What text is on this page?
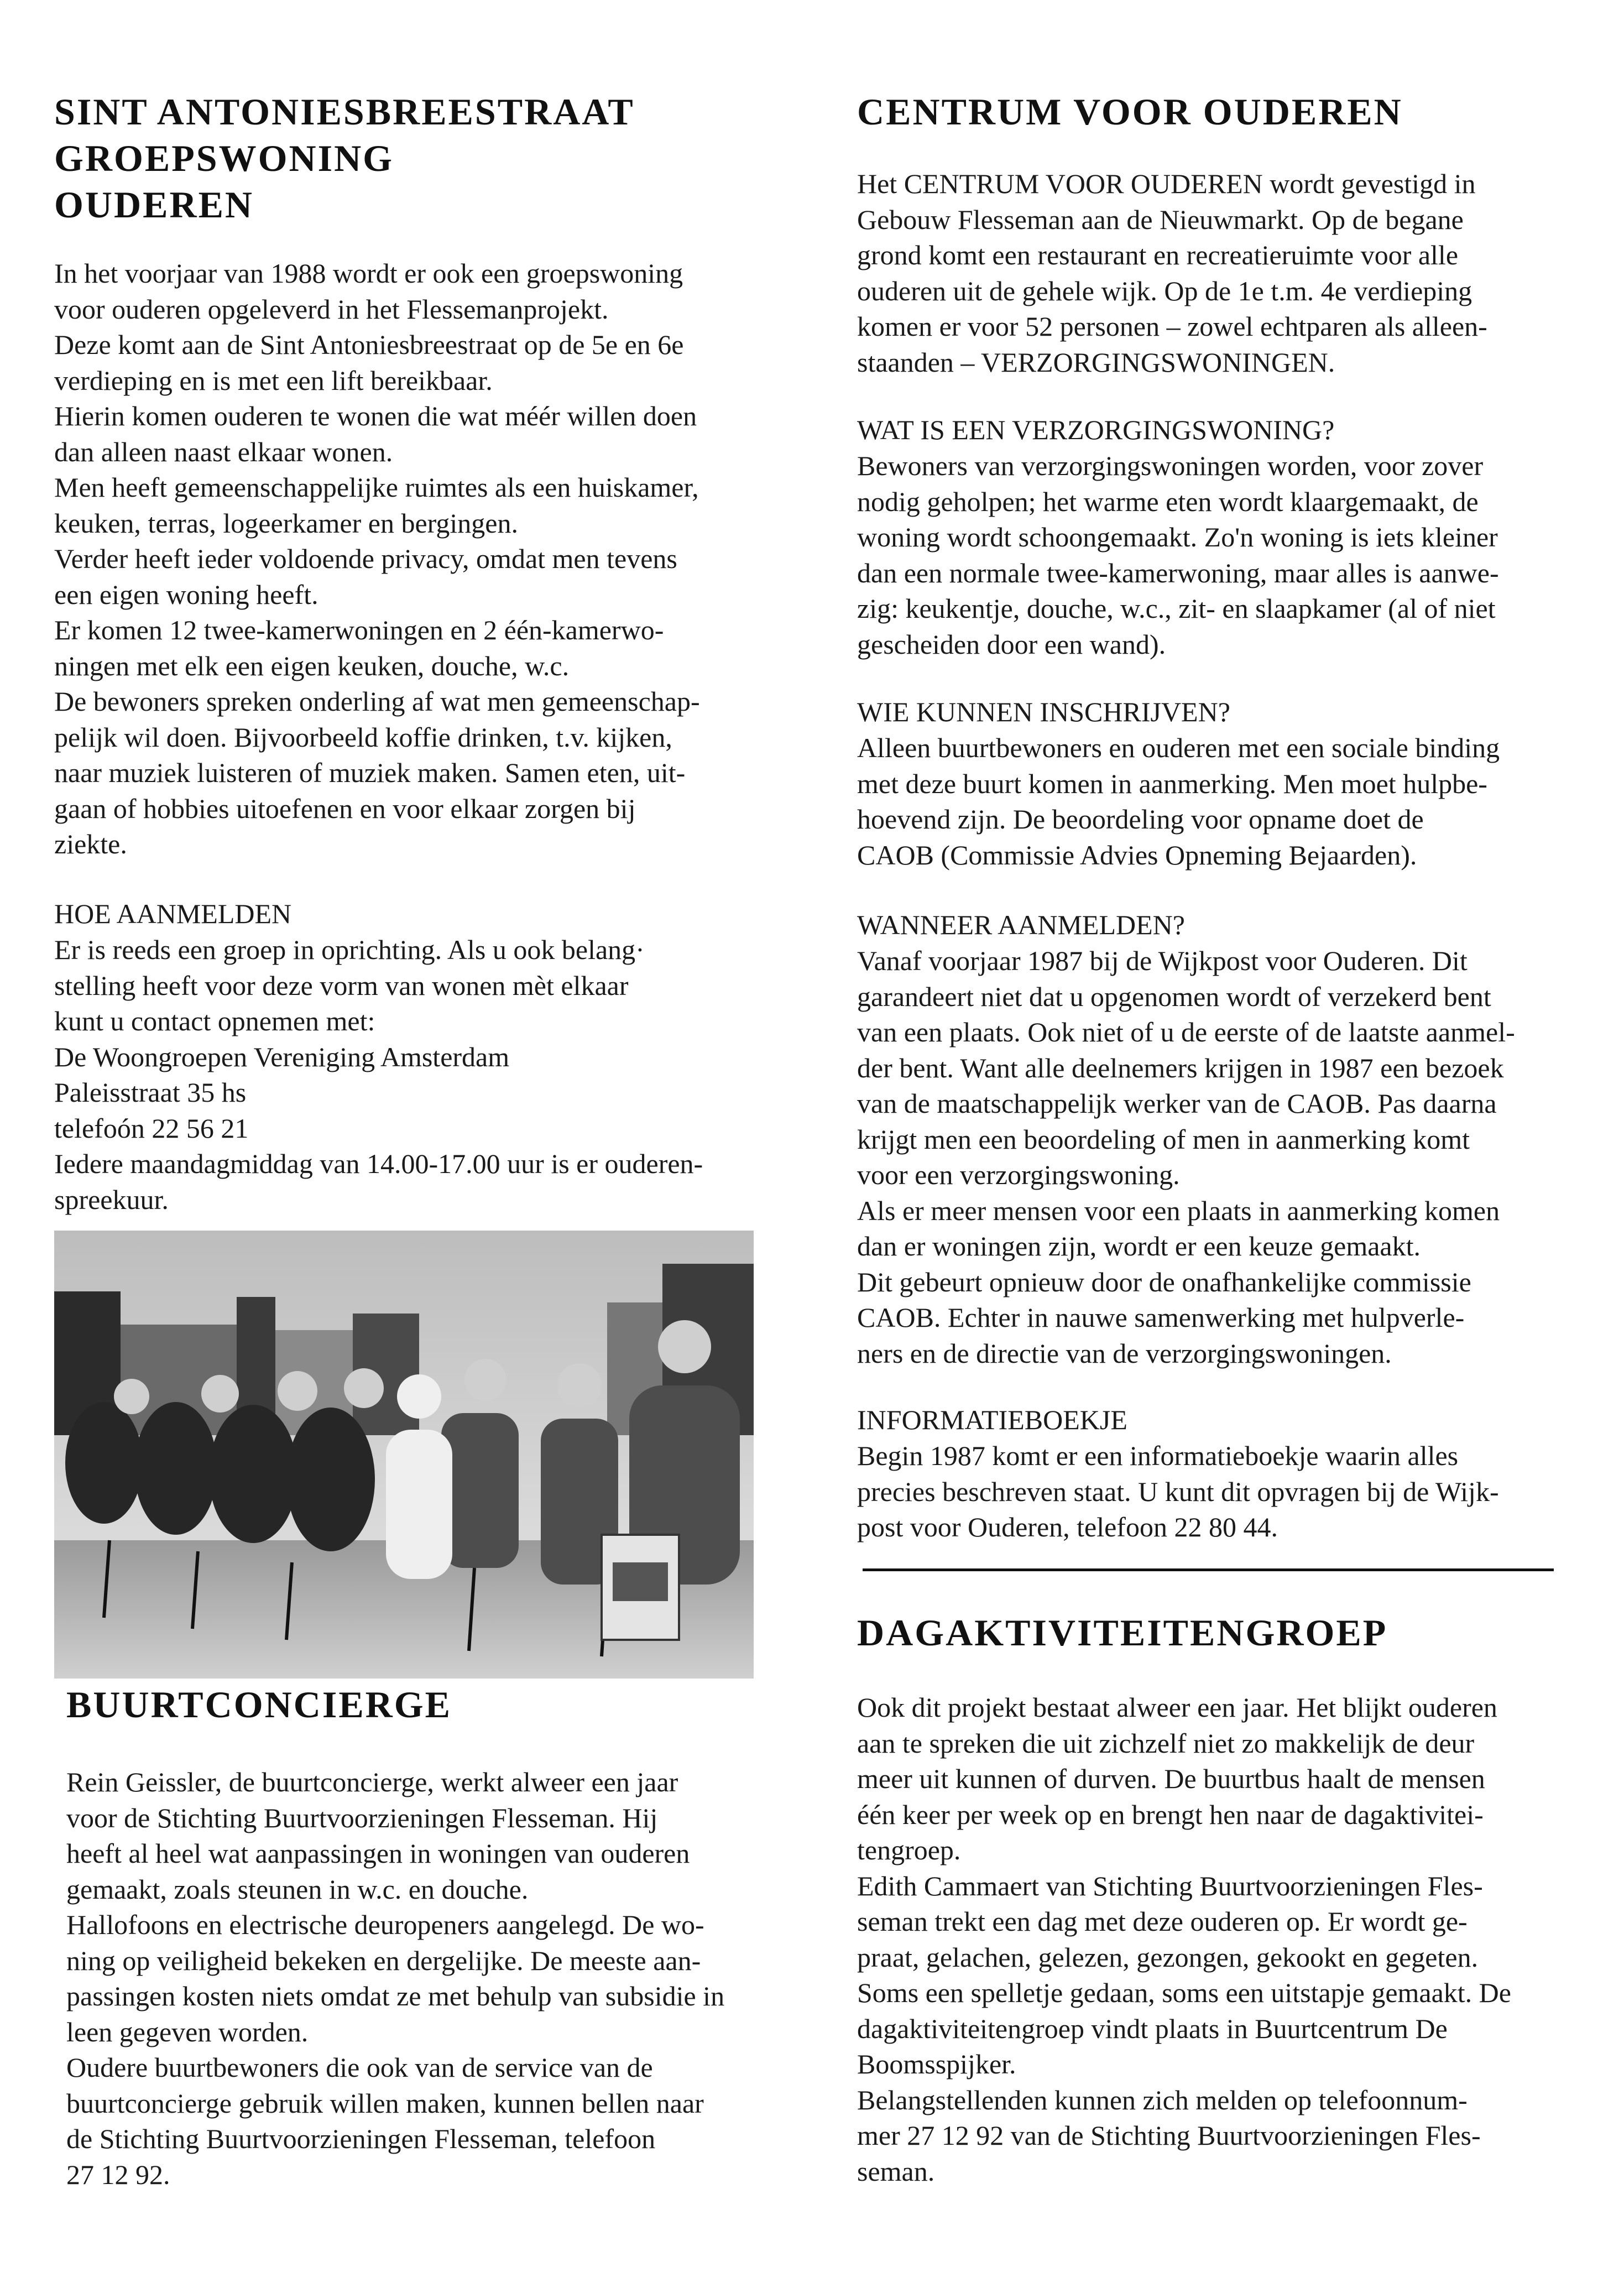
SINT ANTONIESBREESTRAAT
GROEPSWONING
OUDEREN

In het voorjaar van 1988 wordt er ook een groepswoning
voor ouderen opgeleverd in het Flessemanprojekt.
Deze komt aan de Sint Antoniesbreestraat op de 5e en 6e
verdieping en is met een lift bereikbaar.
Hierin komen ouderen te wonen die wat méér willen doen
dan alleen naast elkaar wonen.
Men heeft gemeenschappelijke ruimtes als een huiskamer,
keuken, terras, logeerkamer en bergingen.
Verder heeft ieder voldoende privacy, omdat men tevens
een eigen woning heeft.
Er komen 12 twee-kamerwoningen en 2 één-kamerwo-
ningen met elk een eigen keuken, douche, w.c.
De bewoners spreken onderling af wat men gemeenschap-
pelijk wil doen. Bijvoorbeeld koffie drinken, t.v. kijken,
naar muziek luisteren of muziek maken. Samen eten, uit-
gaan of hobbies uitoefenen en voor elkaar zorgen bij
ziekte.

HOE AANMELDEN

Er is reeds een groep in oprichting. Als u ook belang·
stelling heeft voor deze vorm van wonen mèt elkaar
kunt u contact opnemen met:
De Woongroepen Vereniging Amsterdam
Paleisstraat 35 hs
telefoón 22 56 21
Iedere maandagmiddag van 14.00-17.00 uur is er ouderen-
spreekuur.

BUURTCONCIERGE

Rein Geissler, de buurtconcierge, werkt alweer een jaar
voor de Stichting Buurtvoorzieningen Flesseman. Hij
heeft al heel wat aanpassingen in woningen van ouderen
gemaakt, zoals steunen in w.c. en douche.
Hallofoons en electrische deuropeners aangelegd. De wo-
ning op veiligheid bekeken en dergelijke. De meeste aan-
passingen kosten niets omdat ze met behulp van subsidie in
leen gegeven worden.
Oudere buurtbewoners die ook van de service van de
buurtconcierge gebruik willen maken, kunnen bellen naar
de Stichting Buurtvoorzieningen Flesseman, telefoon
27 12 92.

CENTRUM VOOR OUDEREN

Het CENTRUM VOOR OUDEREN wordt gevestigd in
Gebouw Flesseman aan de Nieuwmarkt. Op de begane
grond komt een restaurant en recreatieruimte voor alle
ouderen uit de gehele wijk. Op de 1e t.m. 4e verdieping
komen er voor 52 personen – zowel echtparen als alleen-
staanden – VERZORGINGSWONINGEN.

WAT IS EEN VERZORGINGSWONING?

Bewoners van verzorgingswoningen worden, voor zover
nodig geholpen; het warme eten wordt klaargemaakt, de
woning wordt schoongemaakt. Zo'n woning is iets kleiner
dan een normale twee-kamerwoning, maar alles is aanwe-
zig: keukentje, douche, w.c., zit- en slaapkamer (al of niet
gescheiden door een wand).

WIE KUNNEN INSCHRIJVEN?

Alleen buurtbewoners en ouderen met een sociale binding
met deze buurt komen in aanmerking. Men moet hulpbe-
hoevend zijn. De beoordeling voor opname doet de
CAOB (Commissie Advies Opneming Bejaarden).

WANNEER AANMELDEN?

Vanaf voorjaar 1987 bij de Wijkpost voor Ouderen. Dit
garandeert niet dat u opgenomen wordt of verzekerd bent
van een plaats. Ook niet of u de eerste of de laatste aanmel-
der bent. Want alle deelnemers krijgen in 1987 een bezoek
van de maatschappelijk werker van de CAOB. Pas daarna
krijgt men een beoordeling of men in aanmerking komt
voor een verzorgingswoning.
Als er meer mensen voor een plaats in aanmerking komen
dan er woningen zijn, wordt er een keuze gemaakt.
Dit gebeurt opnieuw door de onafhankelijke commissie
CAOB. Echter in nauwe samenwerking met hulpverle-
ners en de directie van de verzorgingswoningen.

INFORMATIEBOEKJE

Begin 1987 komt er een informatieboekje waarin alles
precies beschreven staat. U kunt dit opvragen bij de Wijk-
post voor Ouderen, telefoon 22 80 44.

DAGAKTIVITEITENGROEP

Ook dit projekt bestaat alweer een jaar. Het blijkt ouderen
aan te spreken die uit zichzelf niet zo makkelijk de deur
meer uit kunnen of durven. De buurtbus haalt de mensen
één keer per week op en brengt hen naar de dagaktivitei-
tengroep.
Edith Cammaert van Stichting Buurtvoorzieningen Fles-
seman trekt een dag met deze ouderen op. Er wordt ge-
praat, gelachen, gelezen, gezongen, gekookt en gegeten.
Soms een spelletje gedaan, soms een uitstapje gemaakt. De
dagaktiviteitengroep vindt plaats in Buurtcentrum De
Boomsspijker.
Belangstellenden kunnen zich melden op telefoonnum-
mer 27 12 92 van de Stichting Buurtvoorzieningen Fles-
seman.
